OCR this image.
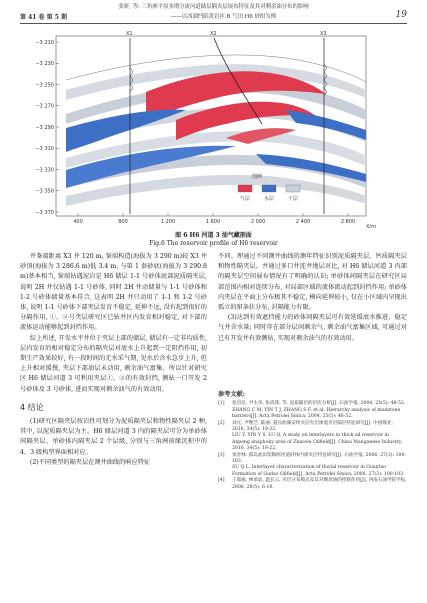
张妍, 等: 三角洲平原多期分流河道储层隔夹层展布特征及其对剩余油分布的影响
第 41 卷 第 5 期	——以西湖凹陷黄岩区 B 气田 H6 砂组为例	19
−3 210
−3 230
−3 250
−3 270
−3 290
−3 310
−3 330
−3 350
−3 370
400	800	1 200	1 600	2 000	2 400	2 800
X1	X2	X3
图例
气层	水层	干层
X/m
图 6 H6 河道 3 油气藏剖面
Fig.6 The reservoir profile of H6 reservoir

井鉴端距离 X3 井 120 m, 鉴端构造(海拔为 3 290 m)较 X3 井砂顶(海拔为 3 286.6 m)低 3.4 m, 与第 1 套砂底(海拔为 3 290.8 m)基本相当, 鉴端钻遇泥岩是 H6 储层 1-1 号砂体底部泥质隔夹层, 说明 2H 井仅钻遇 1-1 号砂体, 同时 2H 井动储量与 1-1 号砂体和 1-2 号砂体储量基本符合, 这表明 2H 井只动用了 1-1 和 1-2 号砂体, 说明 1-1 号砂体下部夹层发育不稳定, 延伸不远, 没有起到很好的分隔作用, ①、②号夹层研究区已钻井区内发育相对稳定, 对下部的流体运动能够起到封挡作用。

综上所述, 开发水平井位于夹层上部的储层, 储层有一定非均质性, 层内发育的相对稳定分布的隔夹层对底水上升起到一定阻挡作用, 初期生产效果较好, 有一段时间的无水采气期, 见水后含水急步上升, 但上升相对缓慢, 夹层下部油层未动用, 剩余油气富集。所以针对研究区 H6 储层河道 3 可利用夹层①、②的有效封挡, 侧钻一口开发 2 号砂体及 3 号砂体, 进而实现对剩余油气的有效动用。

4 结论

(1)研究区隔夹层按岩性可划分为泥质隔夹层和物性隔夹层 2 种, 其中, 以泥质隔夹层为主。H6 储层河道 3 内的隔夹层可分为单砂体间隔夹层、单砂体内隔夹层 2 个层级, 分别与三角洲前缘沉积中的 4、3 级构型界面相对应。

(2)不同类型的隔夹层在测井曲线的响应特征

不同。理通过不同测井曲线的测年特征识别泥质隔夹层、钙质隔夹层和物性隔夹层。井通过多口井连井地层对比, 对 H6 储层河道 3 内部的隔夹层空间展布情况有了明确的认识; 单砂体间隔夹层在研究区局部范围内相对连续分布, 对局部区域的流体流动起到封挡作用; 单砂体内夹层在平面上分布极其不稳定, 横向延伸较小, 仅在小区域内呈现出孤立的窜条状分布, 封隔能力有限。

(3)达到有效遮挡能力的砂体间隔夹层可有效延缓底水推进、稳定气井含水量; 同时存在部分层间剩余气, 剩余油气富集区域, 可通过对已有开发井有效侧钻, 实现对剩余油气的有效动用。

参考文献:
[1]	张昌民, 尹太举, 张尚锋, 等. 泥质隔层的层次分析[J]. 石油学报, 2004, 25(5): 48-52.
ZHANG C M, YIN T J, ZHANG S F, et al. Hierarchy analysis of mudstone barriers[J]. Acta Petrolei Sinica, 2004, 25(5): 48-52.
[2]	刘元, 尹继芝, 陆丽. 超压曲湖安组夹层夹层渗流夹层隔层特征研究[J]. 中国煤业, 2016, 34(5): 19-22.
LIU Y, YIN Y S, LU Q. A study on interlayers in thick oil reservoir in Anpeng anaphoby area of Zhaowa Oilfield[J]. China Manganese Industry, 2016, 34(5): 19-22.
[3]	束青林. 孤岛油田馆陶组河道砂体内部夹层特征研究[J]. 石油学报, 2006, 27(3): 100-103.
SU Q L. Interlayer characterization of fluvial reservoir in Guantao Formation of Gudao Oilfield[J]. Acta Petrolei Sinica, 2006, 27(3): 100-103.
[4]	王瑞雍, 林承焰, 温长云. 夹层分布模式及其对剩余油的控制作用[J]. 西南石油学院学报, 2006, 28(5): 6-10.
